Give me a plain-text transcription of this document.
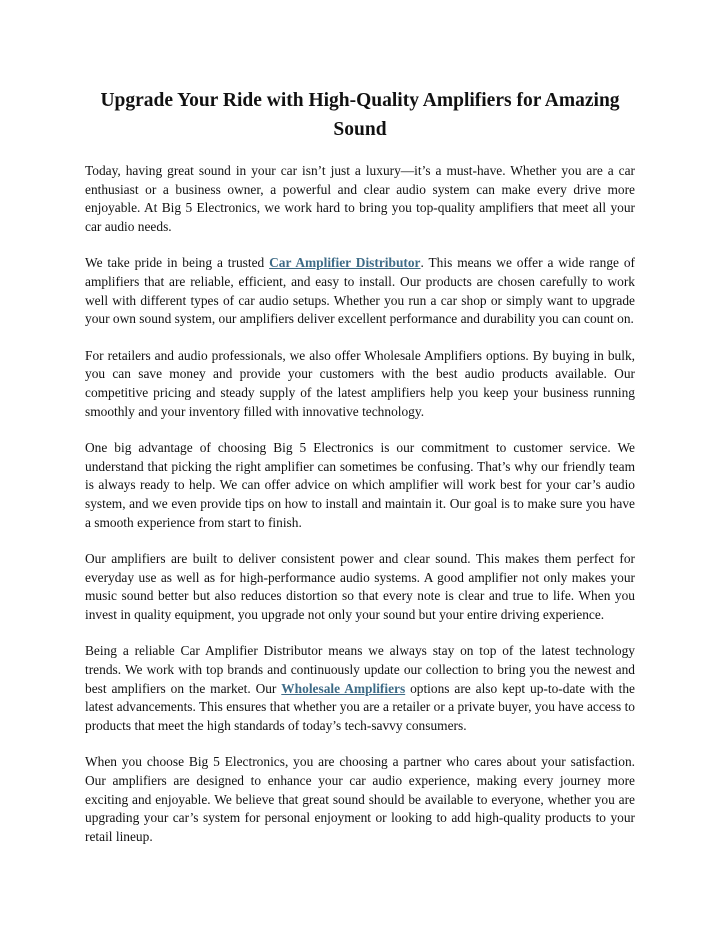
Upgrade Your Ride with High-Quality Amplifiers for Amazing Sound

Today, having great sound in your car isn’t just a luxury—it’s a must-have. Whether you are a car enthusiast or a business owner, a powerful and clear audio system can make every drive more enjoyable. At Big 5 Electronics, we work hard to bring you top-quality amplifiers that meet all your car audio needs.

We take pride in being a trusted Car Amplifier Distributor. This means we offer a wide range of amplifiers that are reliable, efficient, and easy to install. Our products are chosen carefully to work well with different types of car audio setups. Whether you run a car shop or simply want to upgrade your own sound system, our amplifiers deliver excellent performance and durability you can count on.

For retailers and audio professionals, we also offer Wholesale Amplifiers options. By buying in bulk, you can save money and provide your customers with the best audio products available. Our competitive pricing and steady supply of the latest amplifiers help you keep your business running smoothly and your inventory filled with innovative technology.

One big advantage of choosing Big 5 Electronics is our commitment to customer service. We understand that picking the right amplifier can sometimes be confusing. That’s why our friendly team is always ready to help. We can offer advice on which amplifier will work best for your car’s audio system, and we even provide tips on how to install and maintain it. Our goal is to make sure you have a smooth experience from start to finish.

Our amplifiers are built to deliver consistent power and clear sound. This makes them perfect for everyday use as well as for high-performance audio systems. A good amplifier not only makes your music sound better but also reduces distortion so that every note is clear and true to life. When you invest in quality equipment, you upgrade not only your sound but your entire driving experience.

Being a reliable Car Amplifier Distributor means we always stay on top of the latest technology trends. We work with top brands and continuously update our collection to bring you the newest and best amplifiers on the market. Our Wholesale Amplifiers options are also kept up-to-date with the latest advancements. This ensures that whether you are a retailer or a private buyer, you have access to products that meet the high standards of today’s tech-savvy consumers.

When you choose Big 5 Electronics, you are choosing a partner who cares about your satisfaction. Our amplifiers are designed to enhance your car audio experience, making every journey more exciting and enjoyable. We believe that great sound should be available to everyone, whether you are upgrading your car’s system for personal enjoyment or looking to add high-quality products to your retail lineup.
